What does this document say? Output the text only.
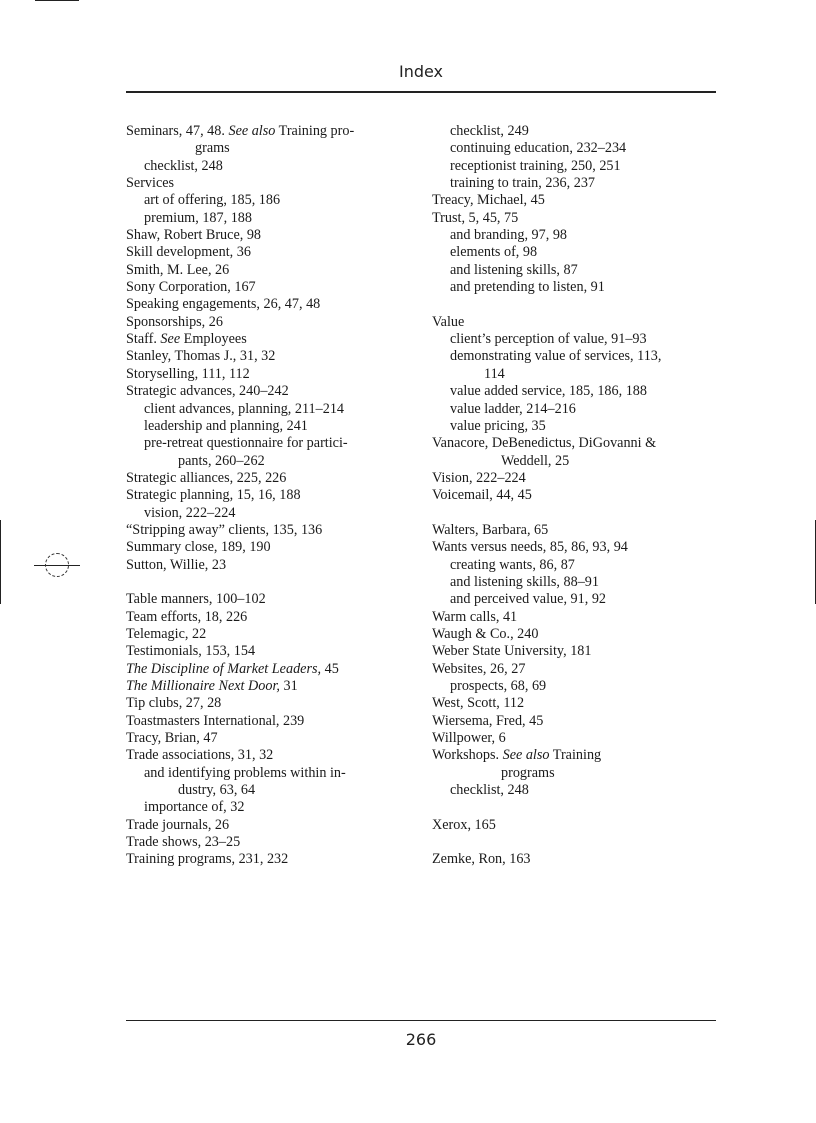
Index
Seminars, 47, 48. See also Training pro-
grams
checklist, 248
Services
art of offering, 185, 186
premium, 187, 188
Shaw, Robert Bruce, 98
Skill development, 36
Smith, M. Lee, 26
Sony Corporation, 167
Speaking engagements, 26, 47, 48
Sponsorships, 26
Staff. See Employees
Stanley, Thomas J., 31, 32
Storyselling, 111, 112
Strategic advances, 240–242
client advances, planning, 211–214
leadership and planning, 241
pre-retreat questionnaire for partici-
pants, 260–262
Strategic alliances, 225, 226
Strategic planning, 15, 16, 188
vision, 222–224
“Stripping away” clients, 135, 136
Summary close, 189, 190
Sutton, Willie, 23
Table manners, 100–102
Team efforts, 18, 226
Telemagic, 22
Testimonials, 153, 154
The Discipline of Market Leaders, 45
The Millionaire Next Door, 31
Tip clubs, 27, 28
Toastmasters International, 239
Tracy, Brian, 47
Trade associations, 31, 32
and identifying problems within in-
dustry, 63, 64
importance of, 32
Trade journals, 26
Trade shows, 23–25
Training programs, 231, 232
checklist, 249
continuing education, 232–234
receptionist training, 250, 251
training to train, 236, 237
Treacy, Michael, 45
Trust, 5, 45, 75
and branding, 97, 98
elements of, 98
and listening skills, 87
and pretending to listen, 91
Value
client’s perception of value, 91–93
demonstrating value of services, 113,
114
value added service, 185, 186, 188
value ladder, 214–216
value pricing, 35
Vanacore, DeBenedictus, DiGovanni &
Weddell, 25
Vision, 222–224
Voicemail, 44, 45
Walters, Barbara, 65
Wants versus needs, 85, 86, 93, 94
creating wants, 86, 87
and listening skills, 88–91
and perceived value, 91, 92
Warm calls, 41
Waugh & Co., 240
Weber State University, 181
Websites, 26, 27
prospects, 68, 69
West, Scott, 112
Wiersema, Fred, 45
Willpower, 6
Workshops. See also Training
programs
checklist, 248
Xerox, 165
Zemke, Ron, 163
266
